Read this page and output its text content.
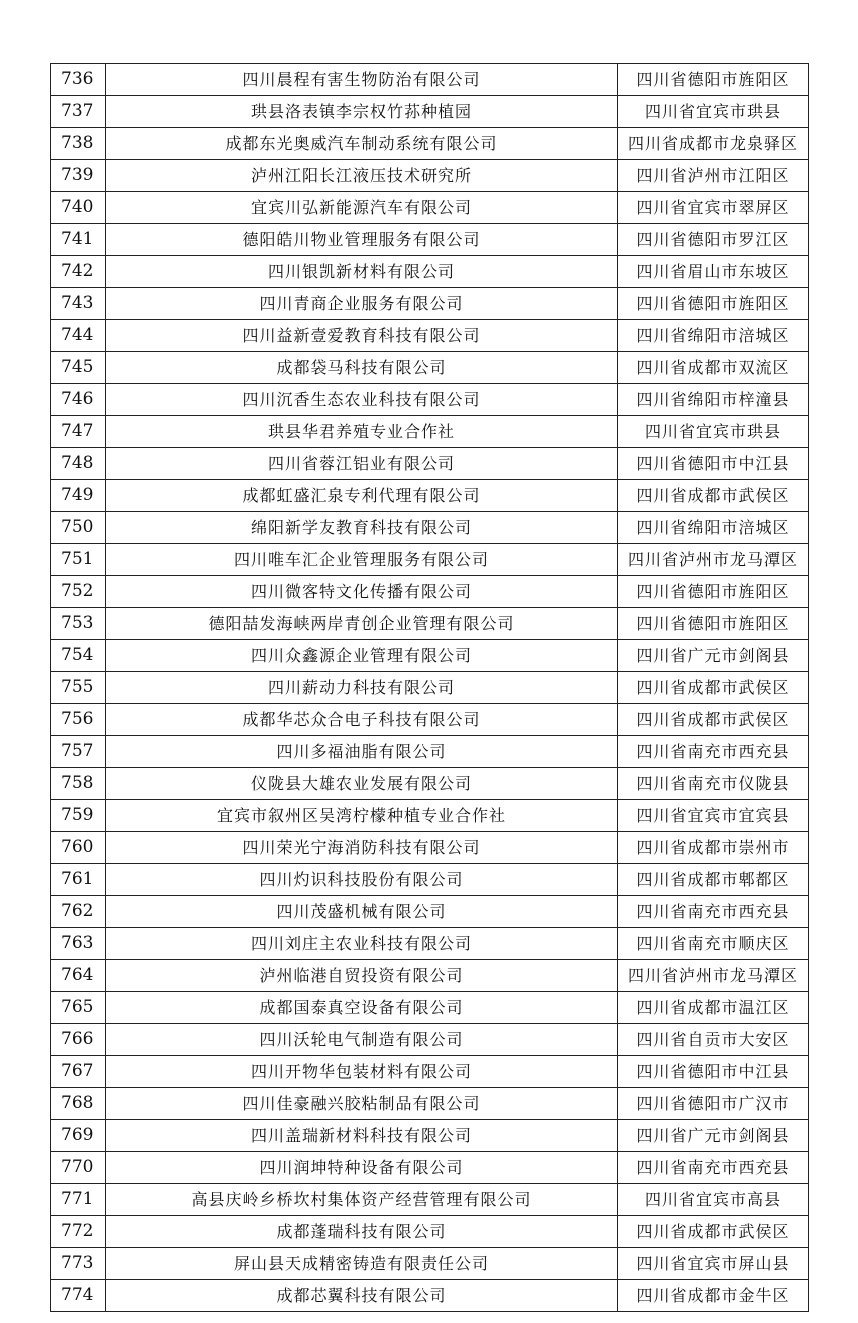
736	四川晨程有害生物防治有限公司	四川省德阳市旌阳区
737	珙县洛表镇李宗权竹荪种植园	四川省宜宾市珙县
738	成都东光奥威汽车制动系统有限公司	四川省成都市龙泉驿区
739	泸州江阳长江液压技术研究所	四川省泸州市江阳区
740	宜宾川弘新能源汽车有限公司	四川省宜宾市翠屏区
741	德阳皓川物业管理服务有限公司	四川省德阳市罗江区
742	四川银凯新材料有限公司	四川省眉山市东坡区
743	四川青商企业服务有限公司	四川省德阳市旌阳区
744	四川益新壹爱教育科技有限公司	四川省绵阳市涪城区
745	成都袋马科技有限公司	四川省成都市双流区
746	四川沉香生态农业科技有限公司	四川省绵阳市梓潼县
747	珙县华君养殖专业合作社	四川省宜宾市珙县
748	四川省蓉江铝业有限公司	四川省德阳市中江县
749	成都虹盛汇泉专利代理有限公司	四川省成都市武侯区
750	绵阳新学友教育科技有限公司	四川省绵阳市涪城区
751	四川唯车汇企业管理服务有限公司	四川省泸州市龙马潭区
752	四川微客特文化传播有限公司	四川省德阳市旌阳区
753	德阳喆发海峡两岸青创企业管理有限公司	四川省德阳市旌阳区
754	四川众鑫源企业管理有限公司	四川省广元市剑阁县
755	四川薪动力科技有限公司	四川省成都市武侯区
756	成都华芯众合电子科技有限公司	四川省成都市武侯区
757	四川多福油脂有限公司	四川省南充市西充县
758	仪陇县大雄农业发展有限公司	四川省南充市仪陇县
759	宜宾市叙州区吴湾柠檬种植专业合作社	四川省宜宾市宜宾县
760	四川荣光宁海消防科技有限公司	四川省成都市崇州市
761	四川灼识科技股份有限公司	四川省成都市郫都区
762	四川茂盛机械有限公司	四川省南充市西充县
763	四川刘庄主农业科技有限公司	四川省南充市顺庆区
764	泸州临港自贸投资有限公司	四川省泸州市龙马潭区
765	成都国泰真空设备有限公司	四川省成都市温江区
766	四川沃轮电气制造有限公司	四川省自贡市大安区
767	四川开物华包装材料有限公司	四川省德阳市中江县
768	四川佳豪融兴胶粘制品有限公司	四川省德阳市广汉市
769	四川盖瑞新材料科技有限公司	四川省广元市剑阁县
770	四川润坤特种设备有限公司	四川省南充市西充县
771	高县庆岭乡桥坎村集体资产经营管理有限公司	四川省宜宾市高县
772	成都蓬瑞科技有限公司	四川省成都市武侯区
773	屏山县天成精密铸造有限责任公司	四川省宜宾市屏山县
774	成都芯翼科技有限公司	四川省成都市金牛区
